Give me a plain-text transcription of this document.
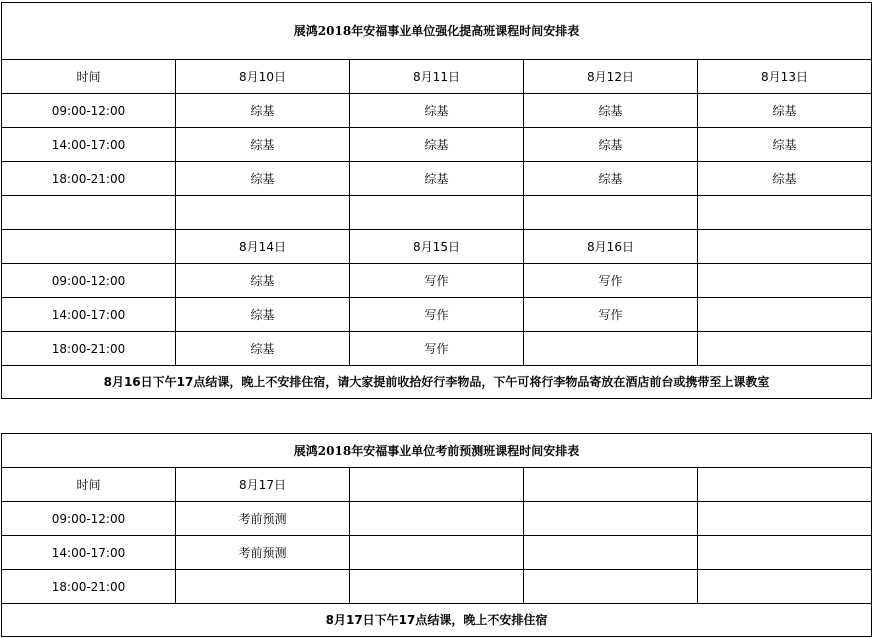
展鸿2018年安福事业单位强化提高班课程时间安排表				
时间	8月10日	8月11日	8月12日	8月13日
09:00-12:00	综基	综基	综基	综基
14:00-17:00	综基	综基	综基	综基
18:00-21:00	综基	综基	综基	综基

	8月14日	8月15日	8月16日	
09:00-12:00	综基	写作	写作	
14:00-17:00	综基	写作	写作	
18:00-21:00	综基	写作		
8月16日下午17点结课，晚上不安排住宿，请大家提前收拾好行李物品，下午可将行李物品寄放在酒店前台或携带至上课教室				
展鸿2018年安福事业单位考前预测班课程时间安排表				
时间	8月17日			
09:00-12:00	考前预测			
14:00-17:00	考前预测			
18:00-21:00				
8月17日下午17点结课，晚上不安排住宿				
